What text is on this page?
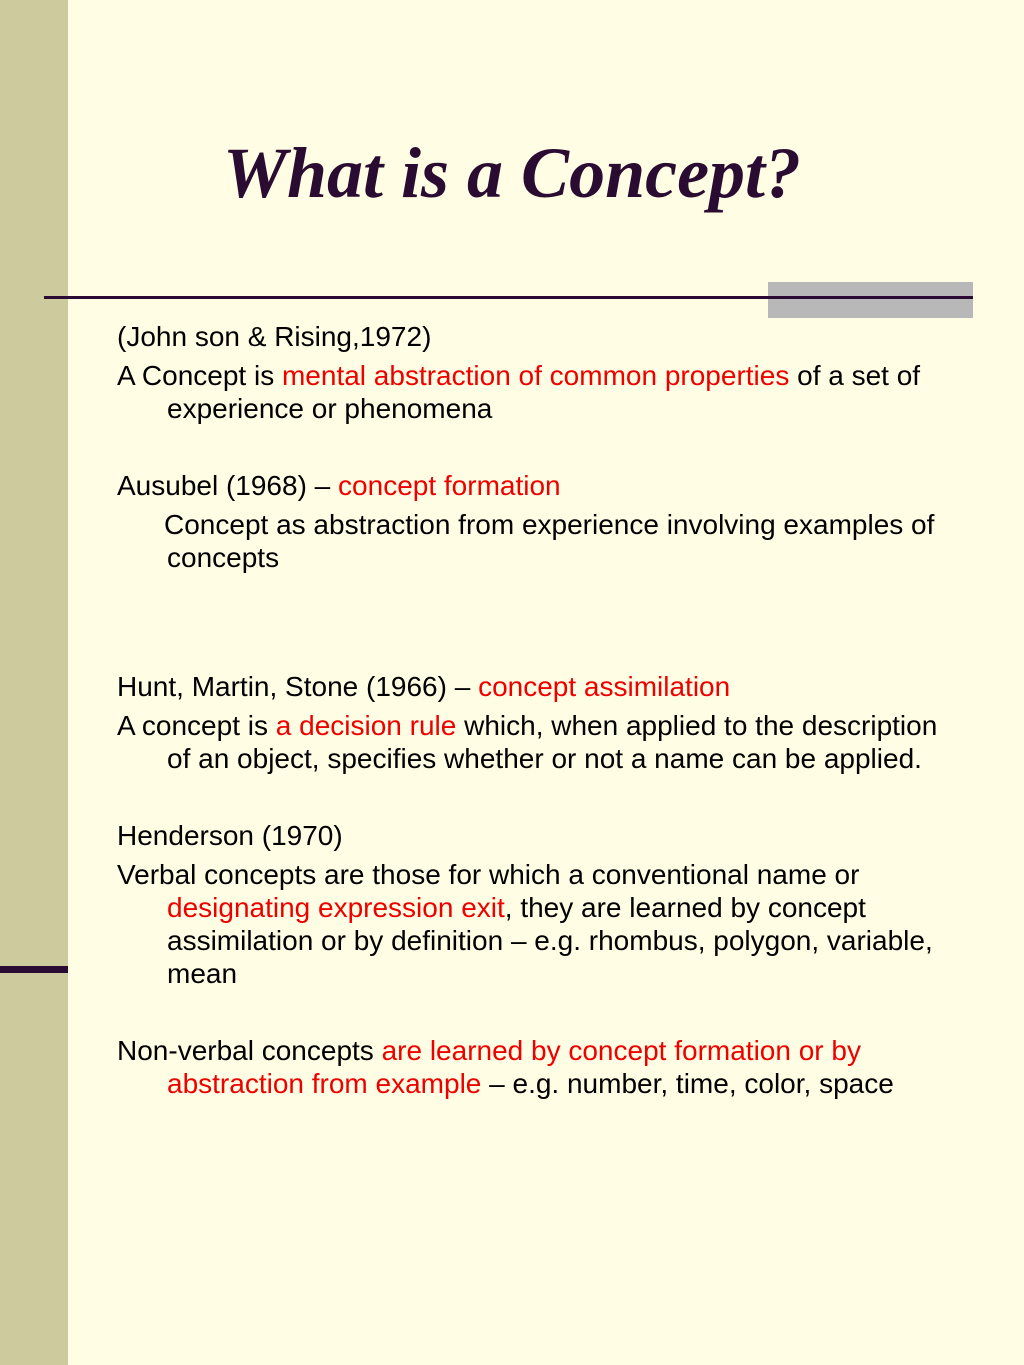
What is a Concept?

(John son & Rising,1972)

A Concept is mental abstraction of common properties of a set of experience or phenomena

Ausubel (1968) – concept formation

Concept as abstraction from experience involving examples of concepts

Hunt, Martin, Stone (1966) – concept assimilation

A concept is a decision rule which, when applied to the description of an object, specifies whether or not a name can be applied.

Henderson (1970)

Verbal concepts are those for which a conventional name or designating expression exit, they are learned by concept assimilation or by definition – e.g. rhombus, polygon, variable, mean

Non-verbal concepts are learned by concept formation or by abstraction from example – e.g. number, time, color, space
